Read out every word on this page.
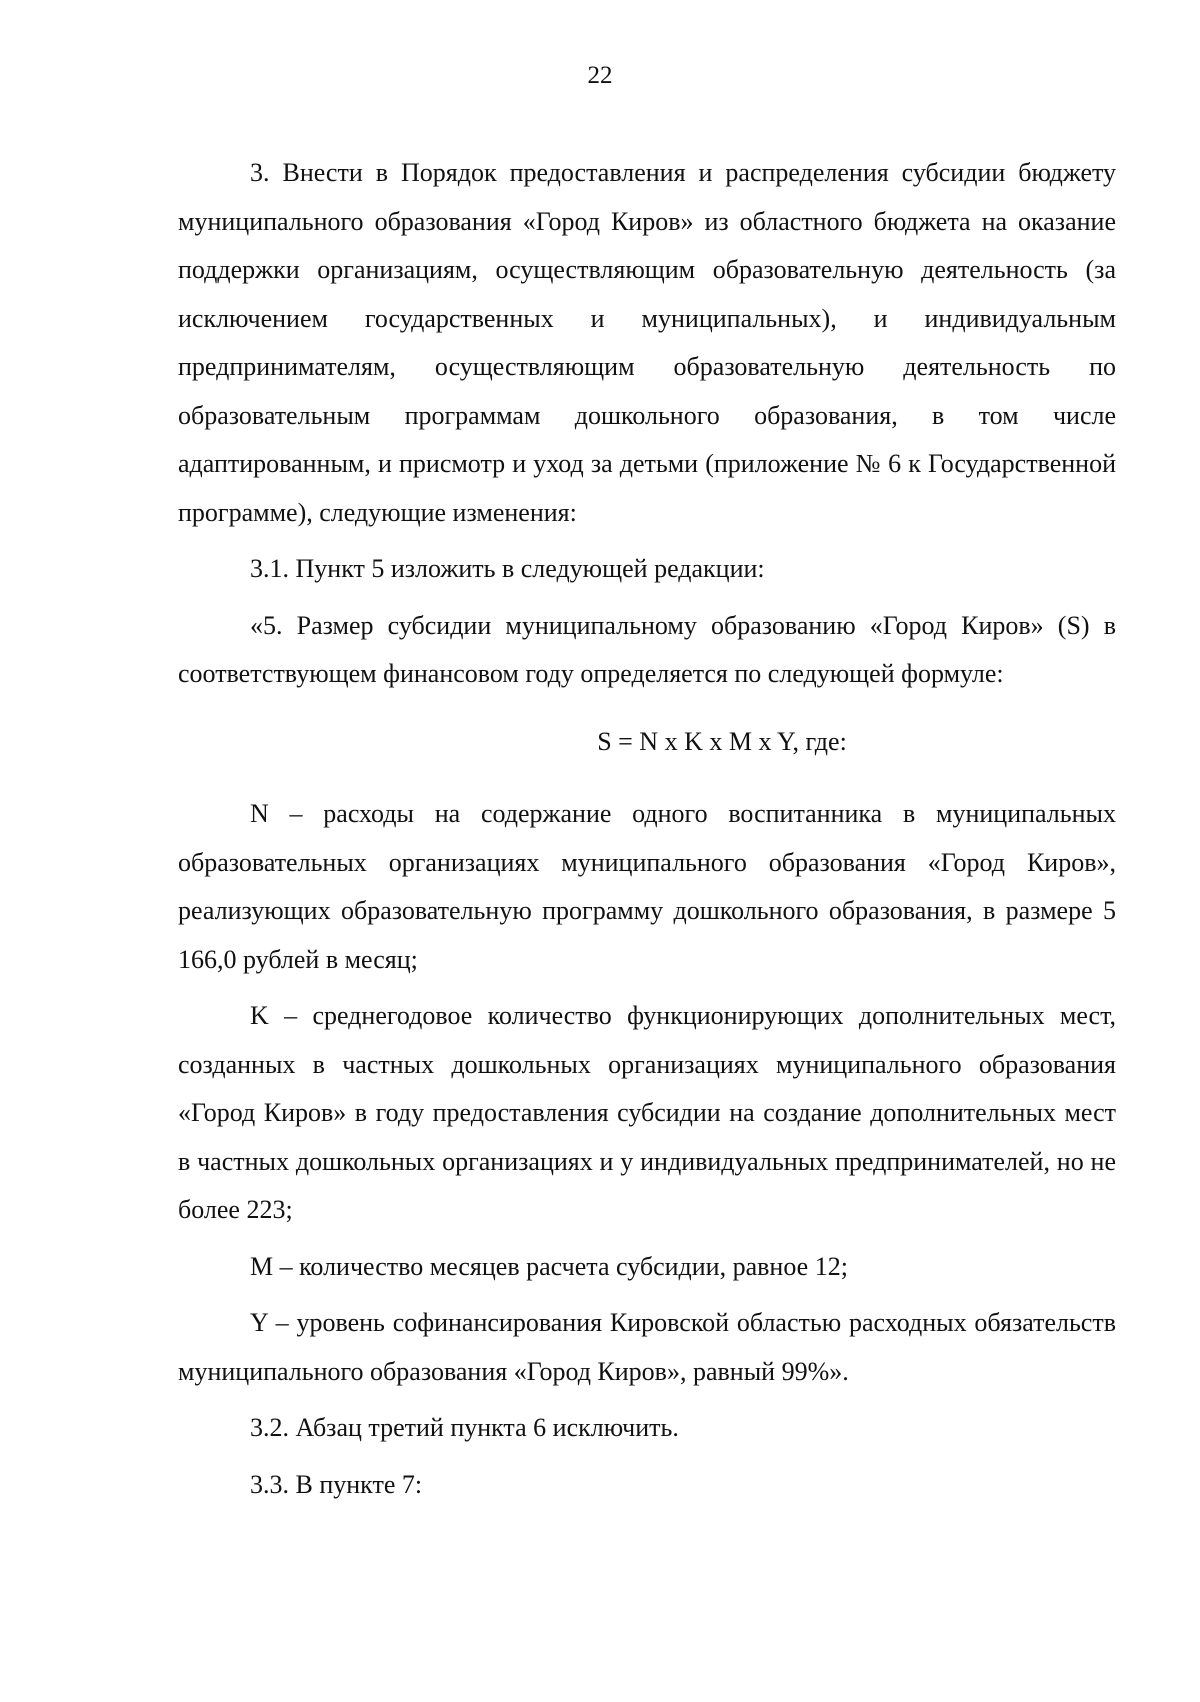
22

3. Внести в Порядок предоставления и распределения субсидии бюджету муниципального образования «Город Киров» из областного бюджета на оказание поддержки организациям, осуществляющим образовательную деятельность (за исключением государственных и муниципальных), и индивидуальным предпринимателям, осуществляющим образовательную деятельность по образовательным программам дошкольного образования, в том числе адаптированным, и присмотр и уход за детьми (приложение № 6 к Государственной программе), следующие изменения:

3.1. Пункт 5 изложить в следующей редакции:

«5. Размер субсидии муниципальному образованию «Город Киров» (S) в соответствующем финансовом году определяется по следующей формуле:

S = N x K x M x Y, где:

N – расходы на содержание одного воспитанника в муниципальных образовательных организациях муниципального образования «Город Киров», реализующих образовательную программу дошкольного образования, в размере 5 166,0 рублей в месяц;

K – среднегодовое количество функционирующих дополнительных мест, созданных в частных дошкольных организациях муниципального образования «Город Киров» в году предоставления субсидии на создание дополнительных мест в частных дошкольных организациях и у индивидуальных предпринимателей, но не более 223;

M – количество месяцев расчета субсидии, равное 12;

Y – уровень софинансирования Кировской областью расходных обязательств муниципального образования «Город Киров», равный 99%».

3.2. Абзац третий пункта 6 исключить.

3.3. В пункте 7:
